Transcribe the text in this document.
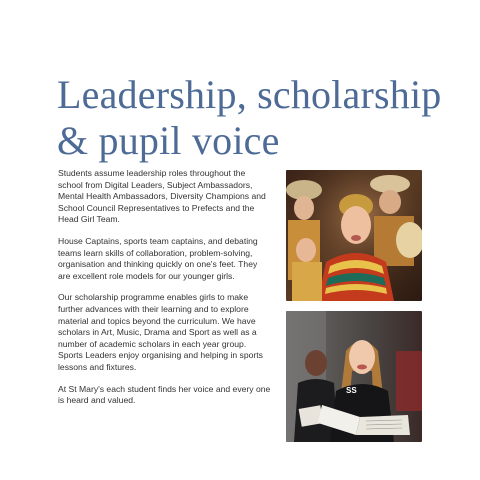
Leadership, scholarship
& pupil voice

Students assume leadership roles throughout the school from Digital Leaders, Subject Ambassadors, Mental Health Ambassadors, Diversity Champions and School Council Representatives to Prefects and the Head Girl Team.

House Captains, sports team captains, and debating teams learn skills of collaboration, problem-solving, organisation and thinking quickly on one's feet. They are excellent role models for our younger girls.

Our scholarship programme enables girls to make further advances with their learning and to explore material and topics beyond the curriculum. We have scholars in Art, Music, Drama and Sport as well as a number of academic scholars in each year group. Sports Leaders enjoy organising and helping in sports lessons and fixtures.

At St Mary's each student finds her voice and every one is heard and valued.

SS
